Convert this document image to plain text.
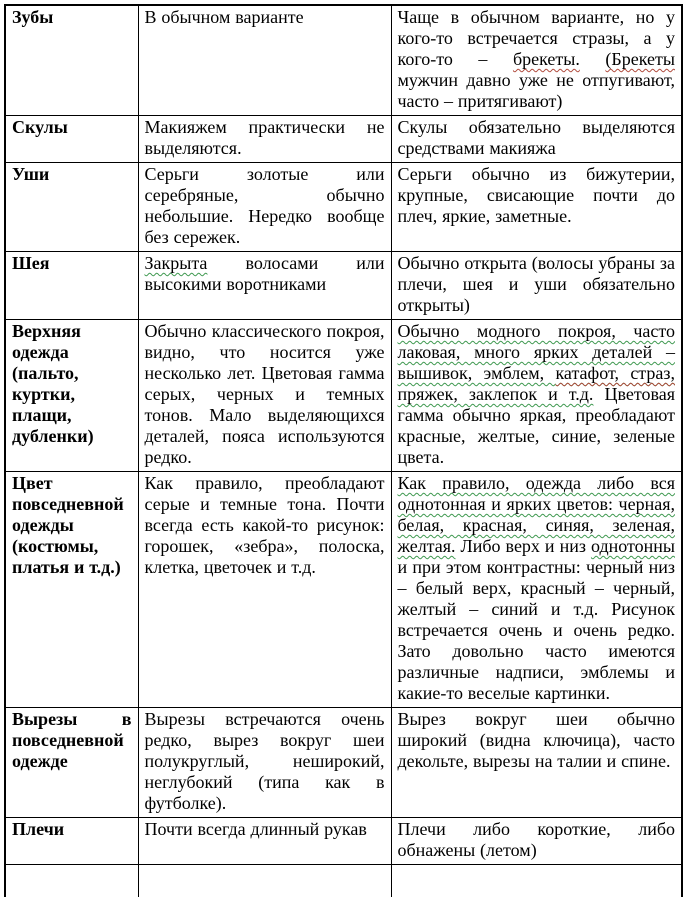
Зубы	В обычном варианте	Чаще в обычном варианте, но у кого-то встречается стразы, а у кого-то – брекеты. (Брекеты мужчин давно уже не отпугивают, часто – притягивают)
Скулы	Макияжем практически не выделяются.	Скулы обязательно выделяются средствами макияжа
Уши	Серьги золотые или серебряные, обычно небольшие. Нередко вообще без сережек.	Серьги обычно из бижутерии, крупные, свисающие почти до плеч, яркие, заметные.
Шея	Закрыта волосами или высокими воротниками	Обычно открыта (волосы убраны за плечи, шея и уши обязательно открыты)
Верхняя одежда (пальто, куртки, плащи, дубленки)	Обычно классического покроя, видно, что носится уже несколько лет. Цветовая гамма серых, черных и темных тонов. Мало выделяющихся деталей, пояса используются редко.	Обычно модного покроя, часто лаковая, много ярких деталей – вышивок, эмблем, катафот, страз, пряжек, заклепок и т.д. Цветовая гамма обычно яркая, преобладают красные, желтые, синие, зеленые цвета.
Цвет повседневной одежды (костюмы, платья и т.д.)	Как правило, преобладают серые и темные тона. Почти всегда есть какой-то рисунок: горошек, «зебра», полоска, клетка, цветочек и т.д.	Как правило, одежда либо вся однотонная и ярких цветов: черная, белая, красная, синяя, зеленая, желтая. Либо верх и низ однотонны и при этом контрастны: черный низ – белый верх, красный – черный, желтый – синий и т.д. Рисунок встречается очень и очень редко. Зато довольно часто имеются различные надписи, эмблемы и какие-то веселые картинки.
Вырезы в повседневной одежде	Вырезы встречаются очень редко, вырез вокруг шеи полукруглый, неширокий, неглубокий (типа как в футболке).	Вырез вокруг шеи обычно широкий (видна ключица), часто декольте, вырезы на талии и спине.
Плечи	Почти всегда длинный рукав	Плечи либо короткие, либо обнажены (летом)
